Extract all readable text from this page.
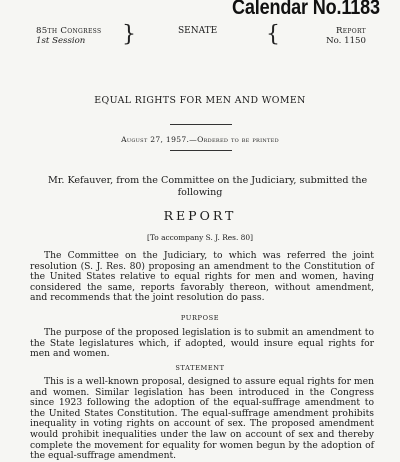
Calendar No.1183
85th Congress
1st Session }	SENATE {	Report
No. 1150
EQUAL RIGHTS FOR MEN AND WOMEN
August 27, 1957.—Ordered to be printed
Mr. Kefauver, from the Committee on the Judiciary, submitted the
following
REPORT
[To accompany S. J. Res. 80]
The Committee on the Judiciary, to which was referred the joint resolution (S. J. Res. 80) proposing an amendment to the Constitution of the United States relative to equal rights for men and women, having considered the same, reports favorably thereon, without amendment, and recommends that the joint resolution do pass.
PURPOSE
The purpose of the proposed legislation is to submit an amendment to the State legislatures which, if adopted, would insure equal rights for men and women.
STATEMENT
This is a well-known proposal, designed to assure equal rights for men and women. Similar legislation has been introduced in the Congress since 1923 following the adoption of the equal-suffrage amendment to the United States Constitution. The equal-suffrage amendment prohibits inequality in voting rights on account of sex. The proposed amendment would prohibit inequalities under the law on account of sex and thereby complete the movement for equality for women begun by the adoption of the equal-suffrage amendment.
